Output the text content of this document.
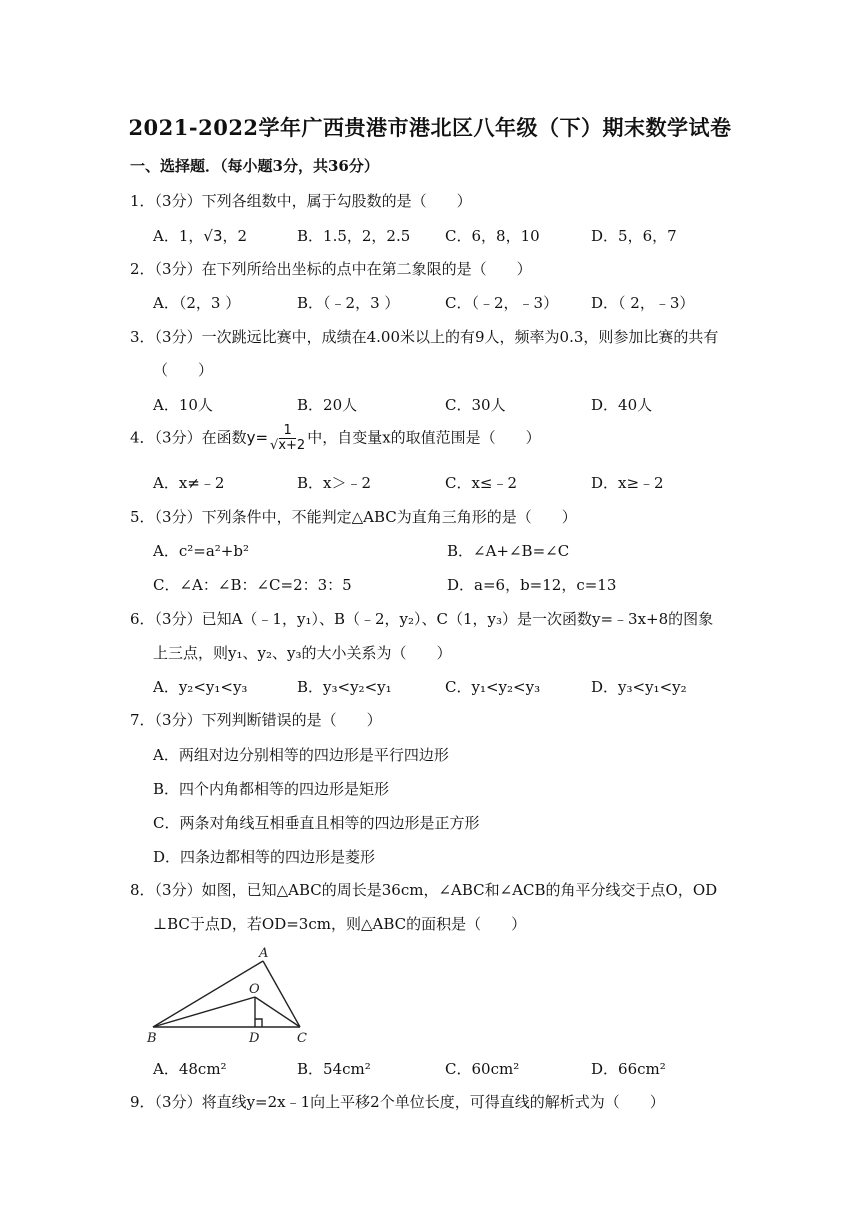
2021-2022学年广西贵港市港北区八年级（下）期末数学试卷
一、选择题．（每小题3分，共36分）
1．（3分）下列各组数中，属于勾股数的是（　　）
A．1，√3，2	B．1.5，2，2.5 C．6，8，10	D．5，6，7
2．（3分）在下列所给出坐标的点中在第二象限的是（　　）
A．（2，3 ）	B．（﹣2，3 ）	C．（﹣2，﹣3） D．（ 2，﹣3）
3．（3分）一次跳远比赛中，成绩在4.00米以上的有9人，频率为0.3，则参加比赛的共有
（　　）
A．10人	B．20人	C．30人	D．40人
4．（3分）在函数$y= \frac{1}{√x+2}$ 中，自变量x的取值范围是（　　）
A．x≠﹣2	B．x＞﹣2	C．x≤﹣2	D．x≥﹣2
5．（3分）下列条件中，不能判定△ABC为直角三角形的是（　　）
A．c²=a²+b²	B．∠A+∠B=∠C
C．∠A：∠B：∠C=2：3：5	D．a=6，b=12，c=13
6．（3分）已知A（﹣1，y₁）、B（﹣2，y₂）、C（1，y₃）是一次函数y=﹣3x+8的图象
上三点，则y₁、y₂、y₃的大小关系为（　　）
A．y₂<y₁<y₃	B．y₃<y₂<y₁	C．y₁<y₂<y₃	D．y₃<y₁<y₂
7．（3分）下列判断错误的是（　　）
A．两组对边分别相等的四边形是平行四边形
B．四个内角都相等的四边形是矩形
C．两条对角线互相垂直且相等的四边形是正方形
D．四条边都相等的四边形是菱形
8．（3分）如图，已知△ABC的周长是36cm，∠ABC和∠ACB的角平分线交于点O，OD
⊥BC于点D，若OD=3cm，则△ABC的面积是（　　）
A
O
B	D	C
A．48cm²	B．54cm²	C．60cm²	D．66cm²
9．（3分）将直线y=2x﹣1向上平移2个单位长度，可得直线的解析式为（　　）
